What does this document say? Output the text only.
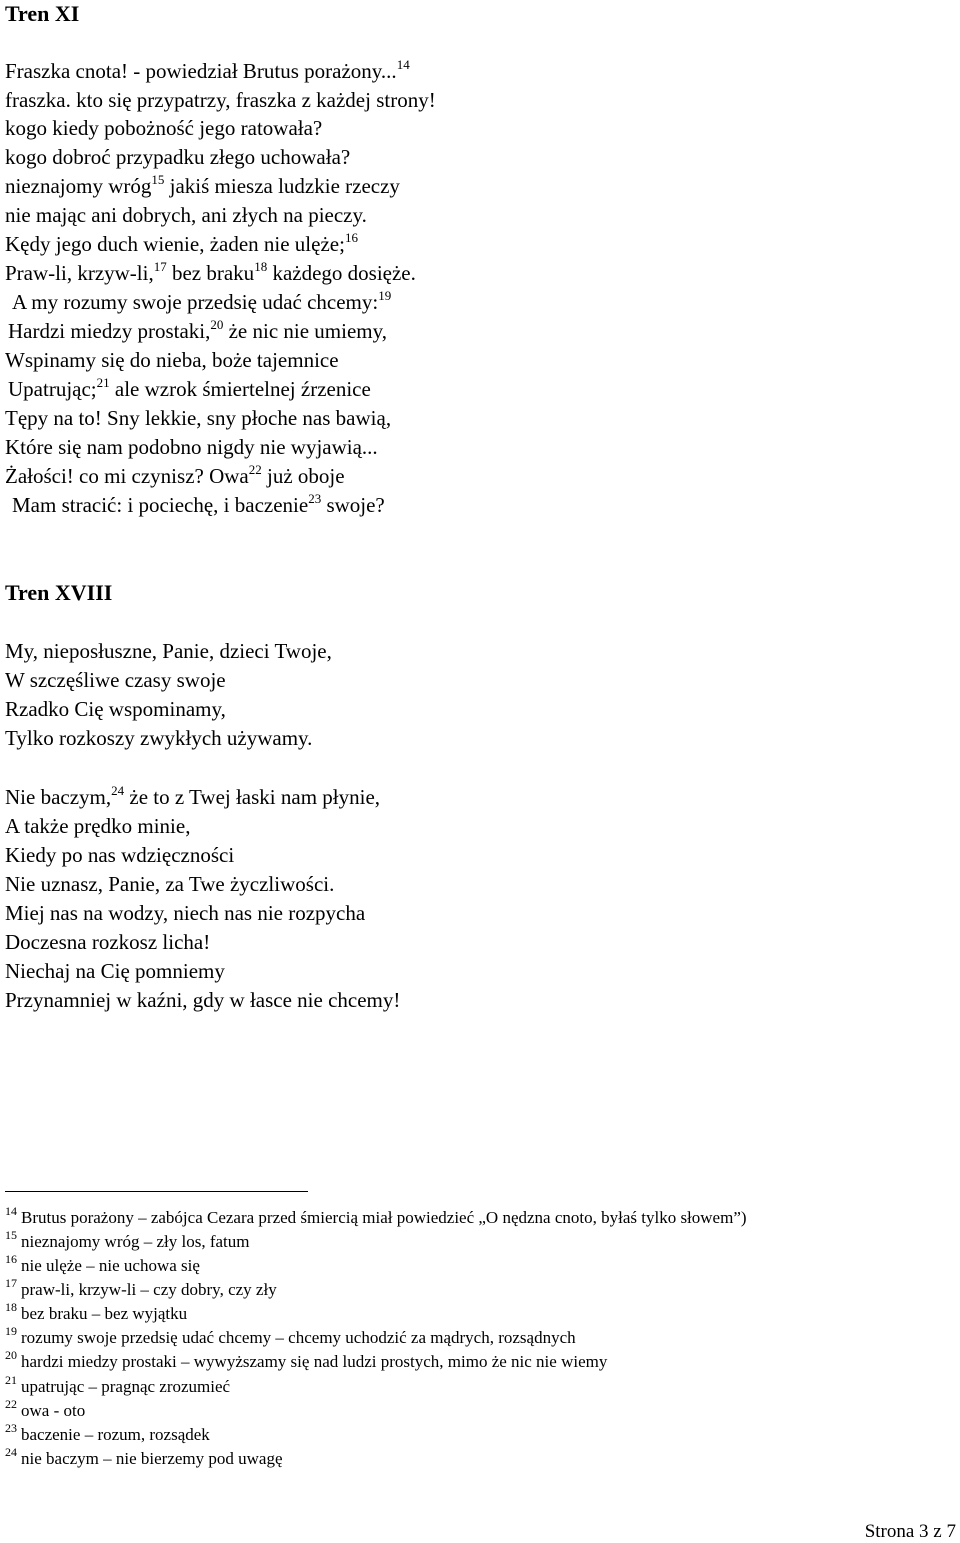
Tren XI
Fraszka cnota! - powiedział Brutus porażony...$^{14}$
fraszka. kto się przypatrzy, fraszka z każdej strony!
kogo kiedy pobożność jego ratowała?
kogo dobroć przypadku złego uchowała?
nieznajomy wróg$^{15}$ jakiś miesza ludzkie rzeczy
nie mając ani dobrych, ani złych na pieczy.
Kędy jego duch wienie, żaden nie ulęże;$^{16}$
Praw-li, krzyw-li,$^{17}$ bez braku$^{18}$ każdego dosięże.
A my rozumy swoje przedsię udać chcemy:$^{19}$
Hardzi miedzy prostaki,$^{20}$ że nic nie umiemy,
Wspinamy się do nieba, boże tajemnice
Upatrując;$^{21}$ ale wzrok śmiertelnej źrzenice
Tępy na to! Sny lekkie, sny płoche nas bawią,
Które się nam podobno nigdy nie wyjawią...
Żałości! co mi czynisz? Owa$^{22}$ już oboje
Mam stracić: i pociechę, i baczenie$^{23}$ swoje?
Tren XVIII
My, nieposłuszne, Panie, dzieci Twoje,
W szczęśliwe czasy swoje
Rzadko Cię wspominamy,
Tylko rozkoszy zwykłych używamy.
Nie baczym,$^{24}$ że to z Twej łaski nam płynie,
A także prędko minie,
Kiedy po nas wdzięczności
Nie uznasz, Panie, za Twe życzliwości.
Miej nas na wodzy, niech nas nie rozpycha
Doczesna rozkosz licha!
Niechaj na Cię pomniemy
Przynamniej w kaźni, gdy w łasce nie chcemy!
$^{14}$ Brutus porażony – zabójca Cezara przed śmiercią miał powiedzieć „O nędzna cnoto, byłaś tylko słowem”)
$^{15}$ nieznajomy wróg – zły los, fatum
$^{16}$ nie ulęże – nie uchowa się
$^{17}$ praw-li, krzyw-li – czy dobry, czy zły
$^{18}$ bez braku – bez wyjątku
$^{19}$ rozumy swoje przedsię udać chcemy – chcemy uchodzić za mądrych, rozsądnych
$^{20}$ hardzi miedzy prostaki – wywyższamy się nad ludzi prostych, mimo że nic nie wiemy
$^{21}$ upatrując – pragnąc zrozumieć
$^{22}$ owa - oto
$^{23}$ baczenie – rozum, rozsądek
$^{24}$ nie baczym – nie bierzemy pod uwagę
Strona 3 z 7
